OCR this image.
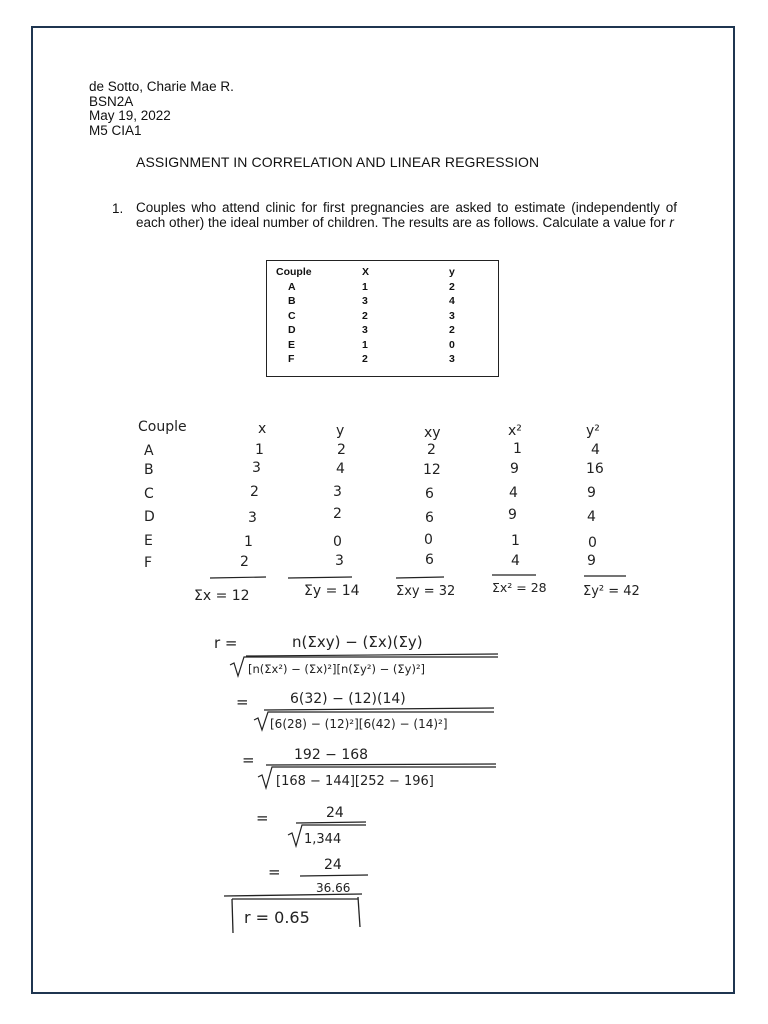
de Sotto, Charie Mae R.
BSN2A
May 19, 2022
M5 CIA1
ASSIGNMENT IN CORRELATION AND LINEAR REGRESSION
1. Couples who attend clinic for first pregnancies are asked to estimate (independently of each other) the ideal number of children. The results are as follows. Calculate a value for r
Couple	X	y
A	1	2
B	3	4
C	2	3
D	3	2
E	1	0
F	2	3
Couple	x	y	xy	x²	y²
A	1	2	2	1	4
B	3	4	12	9	16
C	2	3	6	4	9
D	3	2	6	9	4
E	1	0	0	1	0
F	2	3	6	4	9
Σx = 12	Σy = 14	Σxy = 32	Σx² = 28	Σy² = 42
r =	n(Σxy) − (Σx)(Σy)
[n(Σx²) − (Σx)²][n(Σy²) − (Σy)²]
=	6(32) − (12)(14)
[6(28) − (12)²][6(42) − (14)²]
=	192 − 168
[168 − 144][252 − 196]
=	24
1,344
=	24
36.66
r = 0.65
